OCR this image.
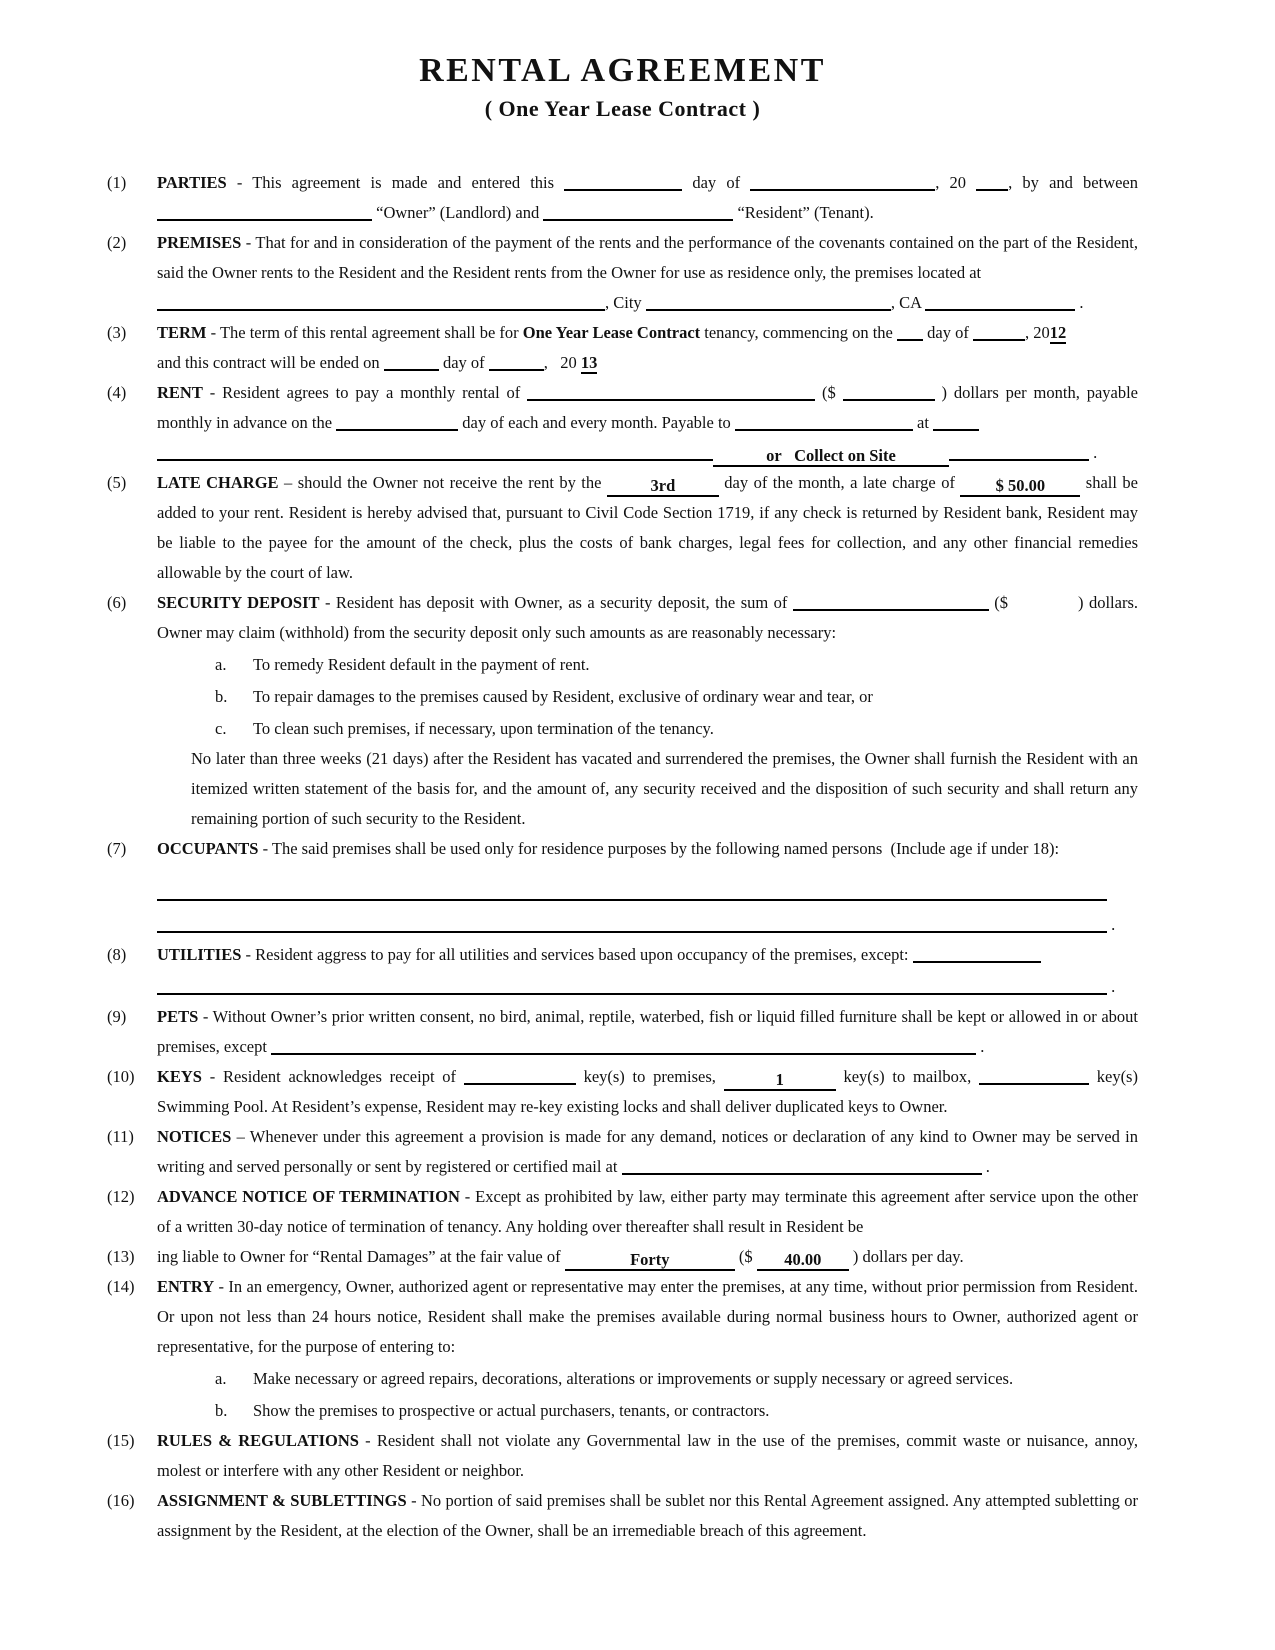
RENTAL AGREEMENT
( One Year Lease Contract )
(1)	PARTIES - This agreement is made and entered this	day of	, 20 , by and between  “Owner” (Landlord) and	“Resident” (Tenant).
(2)	PREMISES - That for and in consideration of the payment of the rents and the performance of the covenants contained on the part of the Resident, said the Owner rents to the Resident and the Resident rents from the Owner for use as residence only, the premises located at
, City	, CA	.
(3)	TERM - The term of this rental agreement shall be for One Year Lease Contract tenancy, commencing on the  day of	, 2012
and this contract will be ended on	day of	,   20 13
(4)	RENT - Resident agrees to pay a monthly rental of	($	) dollars per month, payable monthly in advance on the	day of each and every month. Payable to	at
or   Collect on Site	.
(5)	LATE CHARGE – should the Owner not receive the rent by the	3rd	day of the month, a late charge of $ 50.00 shall be added to your rent. Resident is hereby advised that, pursuant to Civil Code Section 1719, if any check is returned by Resident bank, Resident may be liable to the payee for the amount of the check, plus the costs of bank charges, legal fees for collection, and any other financial remedies allowable by the court of law.
(6)	SECURITY DEPOSIT - Resident has deposit with Owner, as a security deposit, the sum of	($	) dollars. Owner may claim (withhold) from the security deposit only such amounts as are reasonably necessary:
a.	To remedy Resident default in the payment of rent.
b.	To repair damages to the premises caused by Resident, exclusive of ordinary wear and tear, or
c.	To clean such premises, if necessary, upon termination of the tenancy.
No later than three weeks (21 days) after the Resident has vacated and surrendered the premises, the Owner shall furnish the Resident with an itemized written statement of the basis for, and the amount of, any security received and the disposition of such security and shall return any remaining portion of such security to the Resident.
(7)	OCCUPANTS - The said premises shall be used only for residence purposes by the following named persons  (Include age if under 18):

.
(8)	UTILITIES - Resident aggress to pay for all utilities and services based upon occupancy of the premises, except:
.
(9)	PETS - Without Owner’s prior written consent, no bird, animal, reptile, waterbed, fish or liquid filled furniture shall be kept or allowed in or about premises, except	.
(10)	KEYS - Resident acknowledges receipt of	key(s) to premises,	1	key(s) to mailbox,	key(s) Swimming Pool. At Resident’s expense, Resident may re-key existing locks and shall deliver duplicated keys to Owner.
(11)	NOTICES – Whenever under this agreement a provision is made for any demand, notices or declaration of any kind to Owner may be served in writing and served personally or sent by registered or certified mail at	.
(12)	ADVANCE NOTICE OF TERMINATION - Except as prohibited by law, either party may terminate this agreement after service upon the other of a written 30-day notice of termination of tenancy. Any holding over thereafter shall result in Resident be
(13)	ing liable to Owner for “Rental Damages” at the fair value of	Forty	($ 40.00 ) dollars per day.
(14)	ENTRY - In an emergency, Owner, authorized agent or representative may enter the premises, at any time, without prior permission from Resident. Or upon not less than 24 hours notice, Resident shall make the premises available during normal business hours to Owner, authorized agent or representative, for the purpose of entering to:
a.	Make necessary or agreed repairs, decorations, alterations or improvements or supply necessary or agreed services.
b.	Show the premises to prospective or actual purchasers, tenants, or contractors.
(15)	RULES & REGULATIONS - Resident shall not violate any Governmental law in the use of the premises, commit waste or nuisance, annoy, molest or interfere with any other Resident or neighbor.
(16)	ASSIGNMENT & SUBLETTINGS - No portion of said premises shall be sublet nor this Rental Agreement assigned. Any attempted subletting or assignment by the Resident, at the election of the Owner, shall be an irremediable breach of this agreement.
